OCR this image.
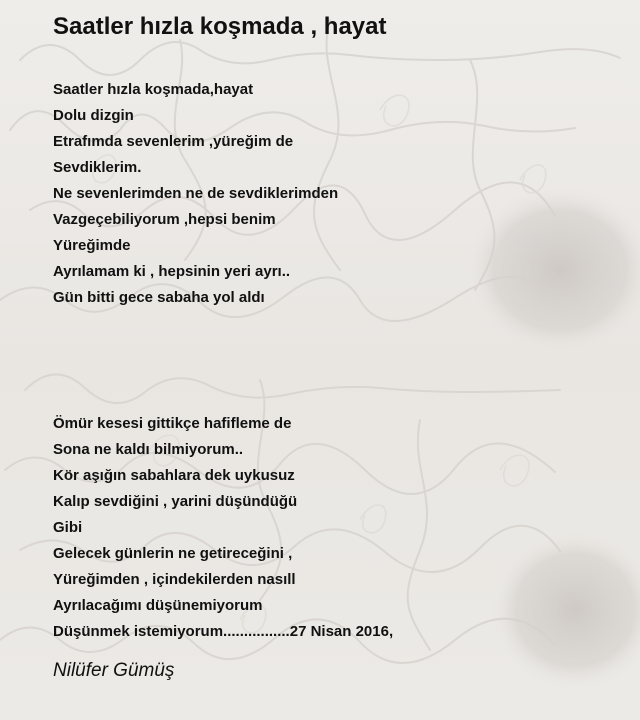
Saatler hızla koşmada , hayat
Saatler hızla koşmada,hayat
Dolu dizgin
Etrafımda sevenlerim ,yüreğim de
Sevdiklerim.
Ne sevenlerimden ne de sevdiklerimden
Vazgeçebiliyorum ,hepsi benim
Yüreğimde
Ayrılamam ki , hepsinin yeri ayrı..
Gün bitti gece sabaha yol aldı
Ömür kesesi gittikçe hafifleme de
Sona ne kaldı bilmiyorum..
Kör aşığın sabahlara dek uykusuz
Kalıp sevdiğini , yarini düşündüğü
Gibi
Gelecek günlerin ne getireceğini ,
Yüreğimden , içindekilerden nasıll
Ayrılacağımı düşünemiyorum
Düşünmek istemiyorum................27 Nisan 2016,

Nilüfer Gümüş
